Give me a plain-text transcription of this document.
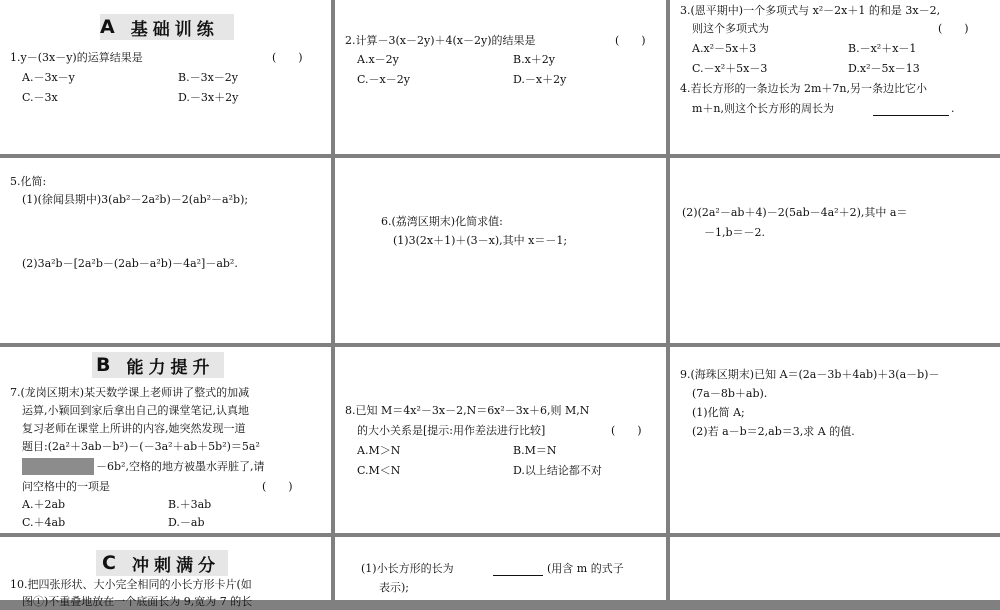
A 基础训练
1.y－(3x－y)的运算结果是	(　　)
A.－3x－y	B.－3x－2y
C.－3x	D.－3x＋2y
2.计算－3(x－2y)＋4(x－2y)的结果是	(　　)
A.x－2y	B.x＋2y
C.－x－2y	D.－x＋2y
3.(恩平期中)一个多项式与 x²－2x＋1 的和是 3x－2,
则这个多项式为	(　　)
A.x²－5x＋3	B.－x²＋x－1
C.－x²＋5x－3	D.x²－5x－13
4.若长方形的一条边长为 2m＋7n,另一条边比它小
m＋n,则这个长方形的周长为	.
5.化简:
(1)(徐闻县期中)3(ab²－2a²b)－2(ab²－a²b);
(2)3a²b－[2a²b－(2ab－a²b)－4a²]－ab².
6.(荔湾区期末)化简求值:
(1)3(2x＋1)＋(3－x),其中 x＝－1;
(2)(2a²－ab＋4)－2(5ab－4a²＋2),其中 a＝
－1,b＝－2.
B 能力提升
7.(龙岗区期末)某天数学课上老师讲了整式的加减
运算,小颖回到家后拿出自己的课堂笔记,认真地
复习老师在课堂上所讲的内容,她突然发现一道
题目:(2a²＋3ab－b²)－(－3a²＋ab＋5b²)＝5a²
－6b²,空格的地方被墨水弄脏了,请
问空格中的一项是	(　　)
A.＋2ab	B.＋3ab
C.＋4ab	D.－ab
8.已知 M＝4x²－3x－2,N＝6x²－3x＋6,则 M,N
的大小关系是[提示:用作差法进行比较]	(　　)
A.M＞N	B.M＝N
C.M＜N	D.以上结论都不对
9.(海珠区期末)已知 A＝(2a－3b＋4ab)＋3(a－b)－
(7a－8b＋ab).
(1)化简 A;
(2)若 a－b＝2,ab＝3,求 A 的值.
C 冲刺满分
10.把四张形状、大小完全相同的小长方形卡片(如
图①)不重叠地放在一个底面长为 9,宽为 7 的长
(1)小长方形的长为	(用含 m 的式子
表示);
